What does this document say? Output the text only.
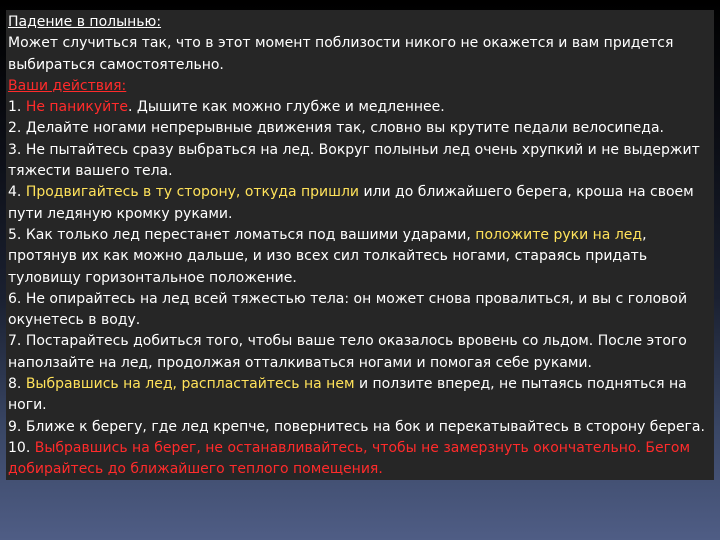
Падение в полынью:
Может случиться так, что в этот момент поблизости никого не окажется и вам придется выбираться самостоятельно.
Ваши действия:
1. Не паникуйте. Дышите как можно глубже и медленнее.
2. Делайте ногами непрерывные движения так, словно вы крутите педали велосипеда.
3. Не пытайтесь сразу выбраться на лед. Вокруг полыньи лед очень хрупкий и не выдержит тяжести вашего тела.
4. Продвигайтесь в ту сторону, откуда пришли или до ближайшего берега, кроша на своем пути ледяную кромку руками.
5. Как только лед перестанет ломаться под вашими ударами, положите руки на лед, протянув их как можно дальше, и изо всех сил толкайтесь ногами, стараясь придать туловищу горизонтальное положение.
6. Не опирайтесь на лед всей тяжестью тела: он может снова провалиться, и вы с головой окунетесь в воду.
7. Постарайтесь добиться того, чтобы ваше тело оказалось вровень со льдом. После этого наползайте на лед, продолжая отталкиваться ногами и помогая себе руками.
8. Выбравшись на лед, распластайтесь на нем и ползите вперед, не пытаясь подняться на ноги.
9. Ближе к берегу, где лед крепче, повернитесь на бок и перекатывайтесь в сторону берега.
10. Выбравшись на берег, не останавливайтесь, чтобы не замерзнуть окончательно. Бегом добирайтесь до ближайшего теплого помещения.
